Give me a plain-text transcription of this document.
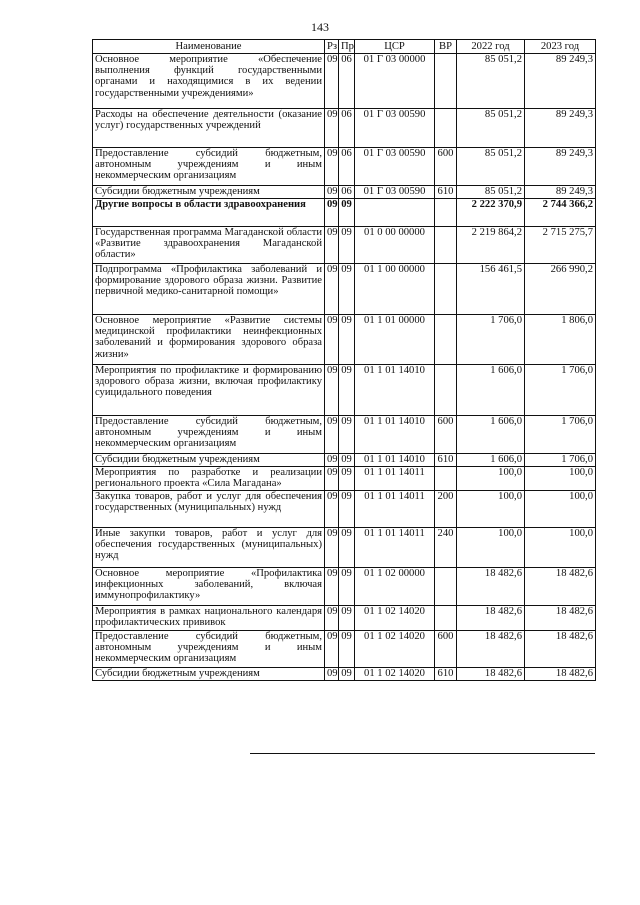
143
Наименование	Рз	Пр	ЦСР	ВР	2022 год	2023 год
Основное мероприятие «Обеспечение выполнения функций государственными органами и находящимися в их ведении государственными учреждениями»	09	06	01 Г 03 00000		85 051,2	89 249,3
Расходы на обеспечение деятельности (оказание услуг) государственных учреждений	09	06	01 Г 03 00590		85 051,2	89 249,3
Предоставление субсидий бюджетным, автономным учреждениям и иным некоммерческим организациям	09	06	01 Г 03 00590	600	85 051,2	89 249,3
Субсидии бюджетным учреждениям	09	06	01 Г 03 00590	610	85 051,2	89 249,3
Другие вопросы в области здравоохранения	09	09			2 222 370,9	2 744 366,2
Государственная программа Магаданской области «Развитие здравоохранения Магаданской области»	09	09	01 0 00 00000		2 219 864,2	2 715 275,7
Подпрограмма «Профилактика заболеваний и формирование здорового образа жизни. Развитие первичной медико-санитарной помощи»	09	09	01 1 00 00000		156 461,5	266 990,2
Основное мероприятие «Развитие системы медицинской профилактики неинфекционных заболеваний и формирования здорового образа жизни»	09	09	01 1 01 00000		1 706,0	1 806,0
Мероприятия по профилактике и формированию здорового образа жизни, включая профилактику суицидального поведения	09	09	01 1 01 14010		1 606,0	1 706,0
Предоставление субсидий бюджетным, автономным учреждениям и иным некоммерческим организациям	09	09	01 1 01 14010	600	1 606,0	1 706,0
Субсидии бюджетным учреждениям	09	09	01 1 01 14010	610	1 606,0	1 706,0
Мероприятия по разработке и реализации регионального проекта «Сила Магадана»	09	09	01 1 01 14011		100,0	100,0
Закупка товаров, работ и услуг для обеспечения государственных (муниципальных) нужд	09	09	01 1 01 14011	200	100,0	100,0
Иные закупки товаров, работ и услуг для обеспечения государственных (муниципальных) нужд	09	09	01 1 01 14011	240	100,0	100,0
Основное мероприятие «Профилактика инфекционных заболеваний, включая иммунопрофилактику»	09	09	01 1 02 00000		18 482,6	18 482,6
Мероприятия в рамках национального календаря профилактических прививок	09	09	01 1 02 14020		18 482,6	18 482,6
Предоставление субсидий бюджетным, автономным учреждениям и иным некоммерческим организациям	09	09	01 1 02 14020	600	18 482,6	18 482,6
Субсидии бюджетным учреждениям	09	09	01 1 02 14020	610	18 482,6	18 482,6
